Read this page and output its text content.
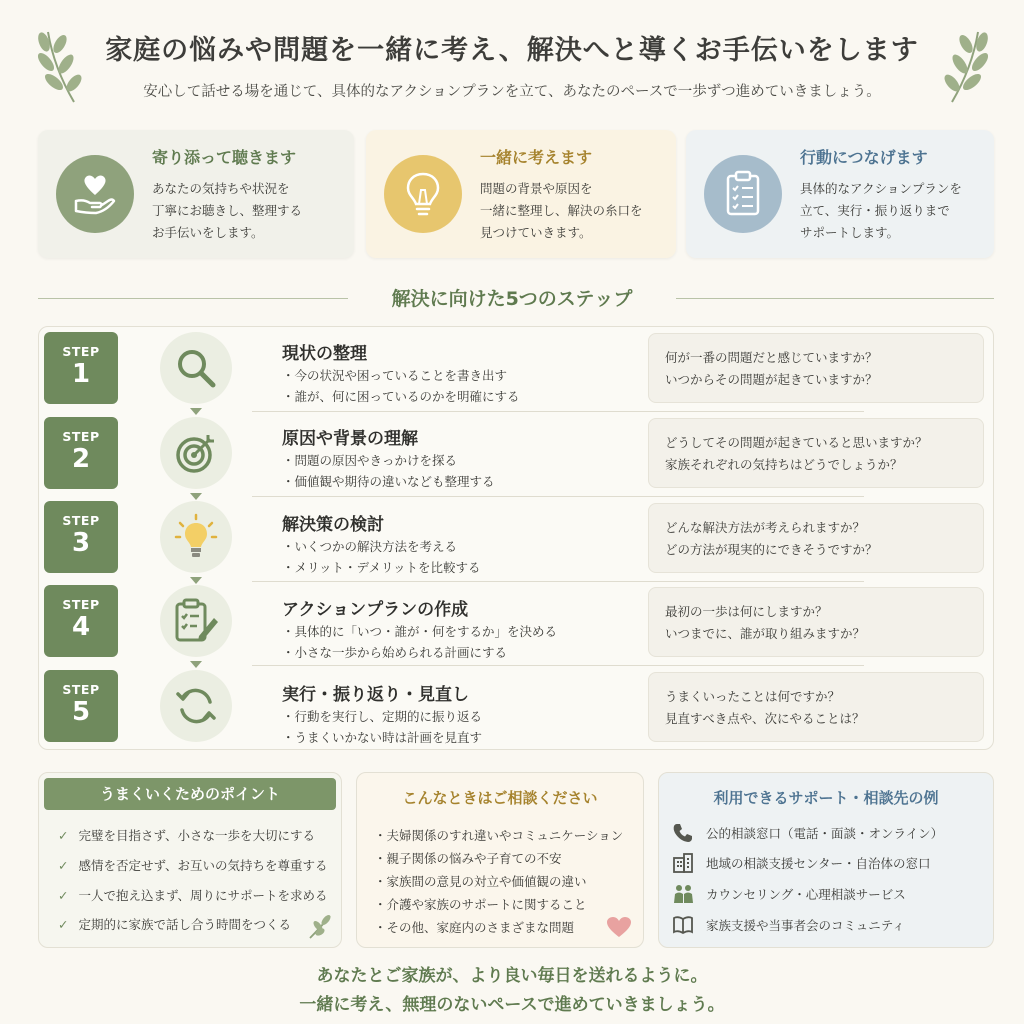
家庭の悩みや問題を一緒に考え、解決へと導くお手伝いをします
安心して話せる場を通じて、具体的なアクションプランを立て、あなたのペースで一歩ずつ進めていきましょう。
寄り添って聴きます
あなたの気持ちや状況を
丁寧にお聴きし、整理する
お手伝いをします。
一緒に考えます
問題の背景や原因を
一緒に整理し、解決の糸口を
見つけていきます。
行動につなげます
具体的なアクションプランを
立て、実行・振り返りまで
サポートします。
解決に向けた5つのステップ
STEP
1
現状の整理
・今の状況や困っていることを書き出す
・誰が、何に困っているのかを明確にする
何が一番の問題だと感じていますか？
いつからその問題が起きていますか？
STEP
2
原因や背景の理解
・問題の原因やきっかけを探る
・価値観や期待の違いなども整理する
どうしてその問題が起きていると思いますか？
家族それぞれの気持ちはどうでしょうか？
STEP
3
解決策の検討
・いくつかの解決方法を考える
・メリット・デメリットを比較する
どんな解決方法が考えられますか？
どの方法が現実的にできそうですか？
STEP
4
アクションプランの作成
・具体的に「いつ・誰が・何をするか」を決める
・小さな一歩から始められる計画にする
最初の一歩は何にしますか？
いつまでに、誰が取り組みますか？
STEP
5
実行・振り返り・見直し
・行動を実行し、定期的に振り返る
・うまくいかない時は計画を見直す
うまくいったことは何ですか？
見直すべき点や、次にやることは？
うまくいくためのポイント
✓ 完璧を目指さず、小さな一歩を大切にする
✓ 感情を否定せず、お互いの気持ちを尊重する
✓ 一人で抱え込まず、周りにサポートを求める
✓ 定期的に家族で話し合う時間をつくる
こんなときはご相談ください
・夫婦関係のすれ違いやコミュニケーション
・親子関係の悩みや子育ての不安
・家族間の意見の対立や価値観の違い
・介護や家族のサポートに関すること
・その他、家庭内のさまざまな問題
利用できるサポート・相談先の例
公的相談窓口（電話・面談・オンライン）
地域の相談支援センター・自治体の窓口
カウンセリング・心理相談サービス
家族支援や当事者会のコミュニティ
あなたとご家族が、より良い毎日を送れるように。
一緒に考え、無理のないペースで進めていきましょう。
